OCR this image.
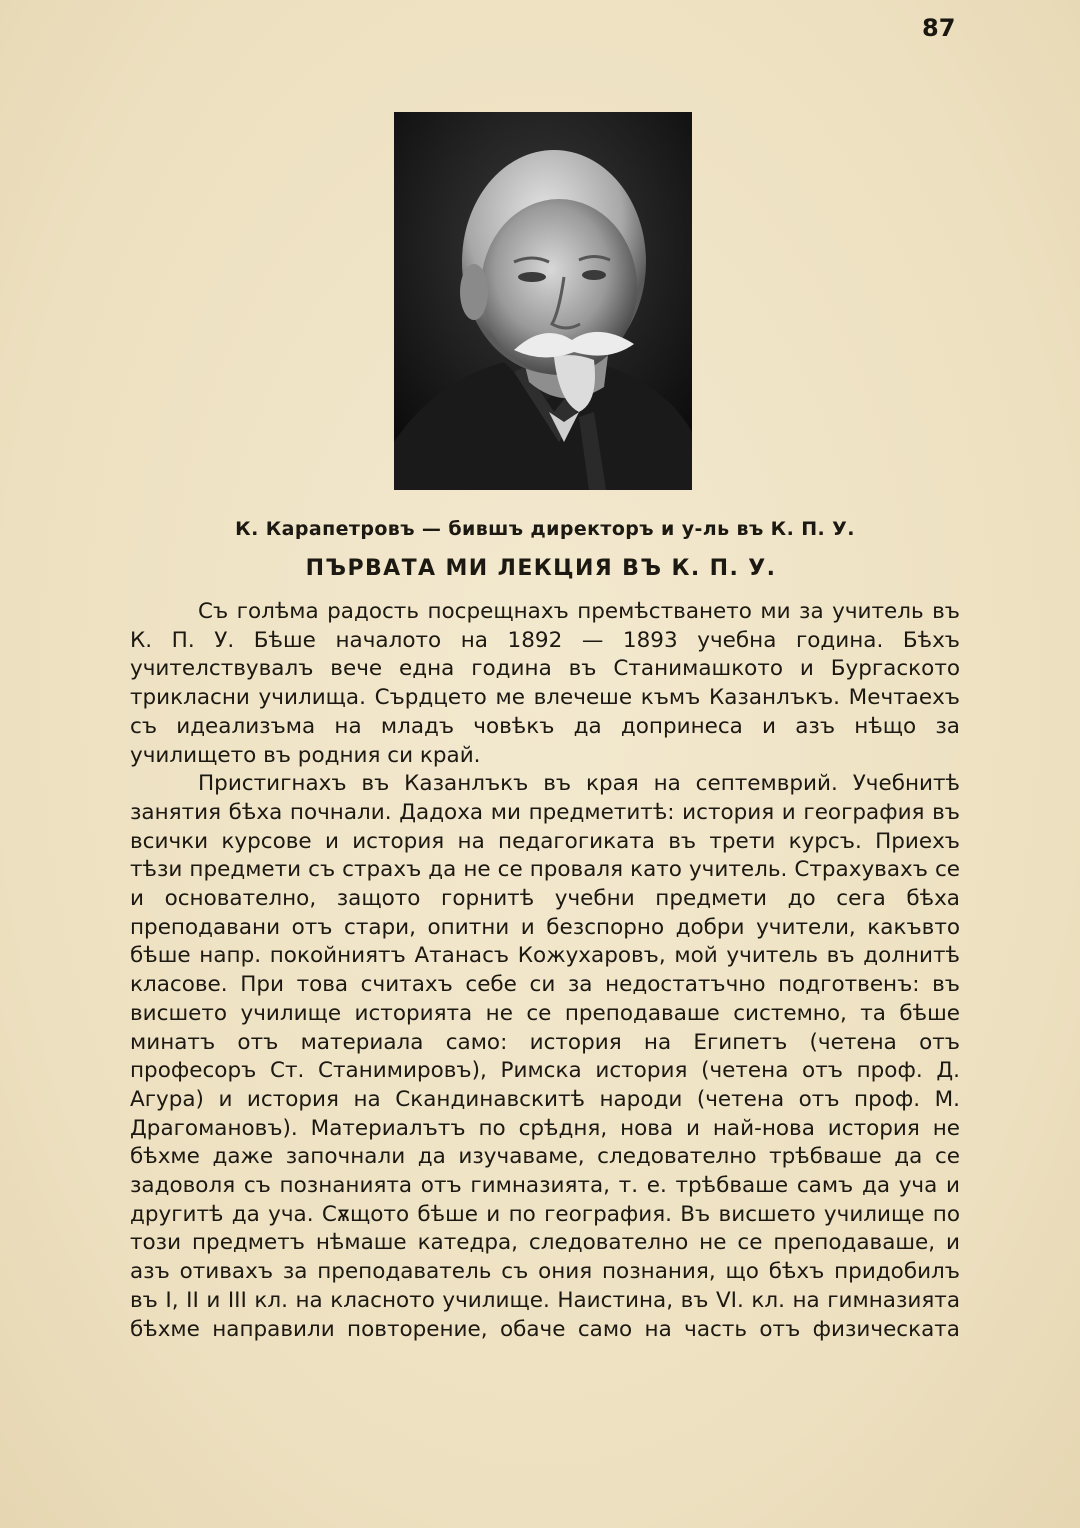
87
К. Карапетровъ — бившъ директоръ и у-ль въ К. П. У.
ПЪРВАТА МИ ЛЕКЦИЯ ВЪ К. П. У.

Съ голѣма радость посрещнахъ премѣстването ми за учитель въ К. П. У. Бѣше началото на 1892 — 1893 учебна година. Бѣхъ учителствувалъ вече една година въ Станимашкото и Бургаското трикласни училища. Сърдцето ме влечеше къмъ Казанлъкъ. Мечтаехъ съ идеализъма на младъ човѣкъ да допринеса и азъ нѣщо за училището въ родния си край.

Пристигнахъ въ Казанлъкъ въ края на септемврий. Учебнитѣ занятия бѣха почнали. Дадоха ми предметитѣ: история и география въ всички курсове и история на педагогиката въ трети курсъ. Приехъ тѣзи предмети съ страхъ да не се проваля като учитель. Страхувахъ се и основателно, защото горнитѣ учебни предмети до сега бѣха преподавани отъ стари, опитни и безспорно добри учители, какъвто бѣше напр. покойниятъ Атанасъ Кожухаровъ, мой учитель въ долнитѣ класове. При това считахъ себе си за недостатъчно подготвенъ: въ висшето училище историята не се преподаваше системно, та бѣше минатъ отъ материала само: история на Египетъ (четена отъ професоръ Ст. Станимировъ), Римска история (четена отъ проф. Д. Агура) и история на Скандинавскитѣ народи (четена отъ проф. М. Драгомановъ). Материалътъ по срѣдня, нова и най-нова история не бѣхме даже започнали да изучаваме, следователно трѣбваше да се задоволя съ познанията отъ гимназията, т. е. трѣбваше самъ да уча и другитѣ да уча. Сѫщото бѣше и по география. Въ висшето училище по този предметъ нѣмаше катедра, следователно не се преподаваше, и азъ отивахъ за преподаватель съ ония познания, що бѣхъ придобилъ въ I, II и III кл. на класното училище. Наистина, въ VI. кл. на гимназията бѣхме направили повторение, обаче само на часть отъ физическата
